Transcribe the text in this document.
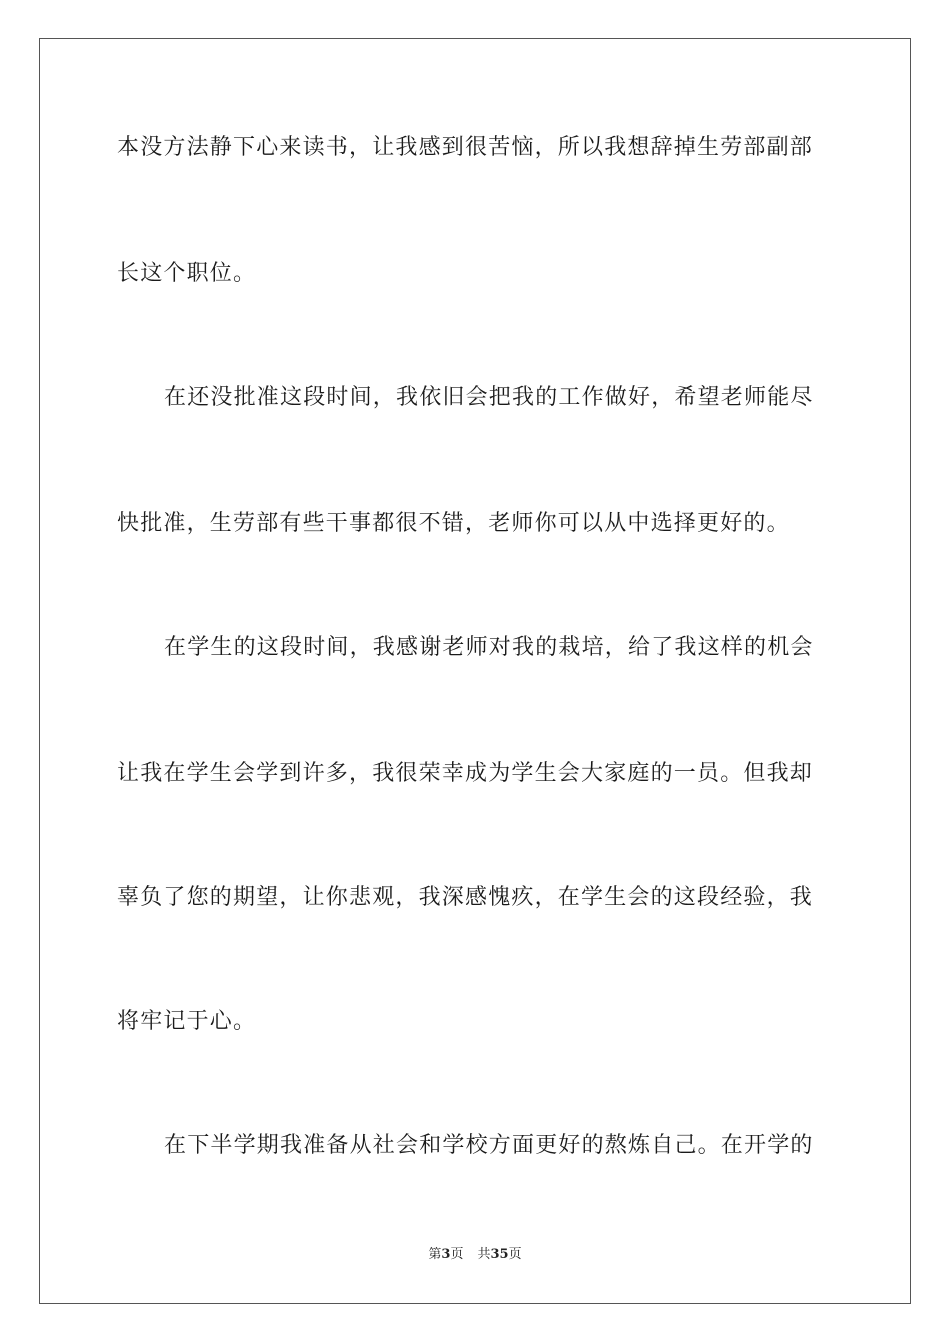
本没方法静下心来读书，让我感到很苦恼，所以我想辞掉生劳部副部
长这个职位。
在还没批准这段时间，我依旧会把我的工作做好，希望老师能尽
快批准，生劳部有些干事都很不错，老师你可以从中选择更好的。
在学生的这段时间，我感谢老师对我的栽培，给了我这样的机会
让我在学生会学到许多，我很荣幸成为学生会大家庭的一员。但我却
辜负了您的期望，让你悲观，我深感愧疚，在学生会的这段经验，我
将牢记于心。
在下半学期我准备从社会和学校方面更好的熬炼自己。在开学的
第3页 共35页
